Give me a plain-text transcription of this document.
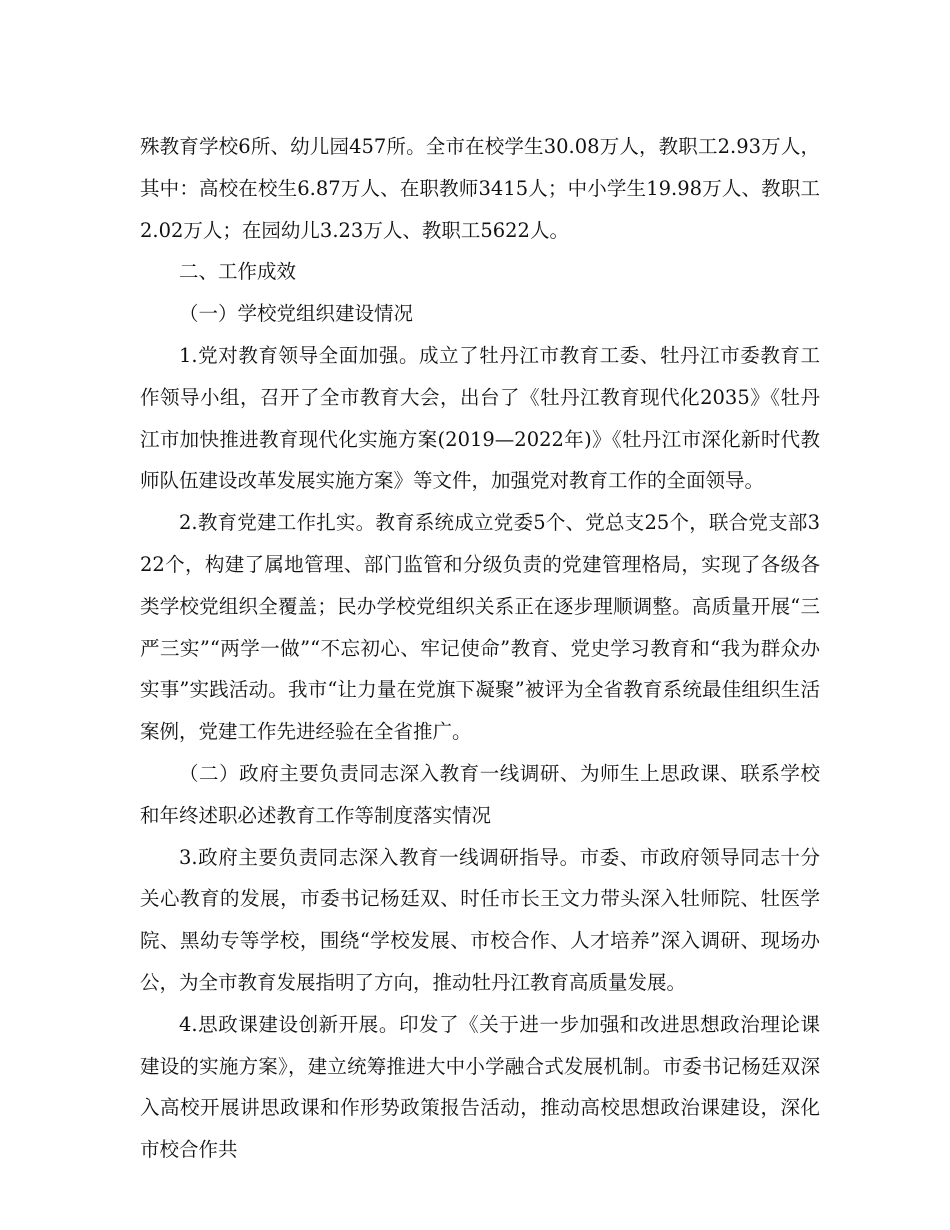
殊教育学校6所、幼儿园457所。全市在校学生30.08万人，教职工2.93万人，其中：高校在校生6.87万人、在职教师3415人；中小学生19.98万人、教职工2.02万人；在园幼儿3.23万人、教职工5622人。

二、工作成效

（一）学校党组织建设情况

1.党对教育领导全面加强。成立了牡丹江市教育工委、牡丹江市委教育工作领导小组，召开了全市教育大会，出台了《牡丹江教育现代化2035》《牡丹江市加快推进教育现代化实施方案(2019—2022年)》《牡丹江市深化新时代教师队伍建设改革发展实施方案》等文件，加强党对教育工作的全面领导。

2.教育党建工作扎实。教育系统成立党委5个、党总支25个，联合党支部322个，构建了属地管理、部门监管和分级负责的党建管理格局，实现了各级各类学校党组织全覆盖；民办学校党组织关系正在逐步理顺调整。高质量开展“三严三实”“两学一做”“不忘初心、牢记使命”教育、党史学习教育和“我为群众办实事”实践活动。我市“让力量在党旗下凝聚”被评为全省教育系统最佳组织生活案例，党建工作先进经验在全省推广。

（二）政府主要负责同志深入教育一线调研、为师生上思政课、联系学校和年终述职必述教育工作等制度落实情况

3.政府主要负责同志深入教育一线调研指导。市委、市政府领导同志十分关心教育的发展，市委书记杨廷双、时任市长王文力带头深入牡师院、牡医学院、黑幼专等学校，围绕“学校发展、市校合作、人才培养”深入调研、现场办公，为全市教育发展指明了方向，推动牡丹江教育高质量发展。

4.思政课建设创新开展。印发了《关于进一步加强和改进思想政治理论课建设的实施方案》，建立统筹推进大中小学融合式发展机制。市委书记杨廷双深入高校开展讲思政课和作形势政策报告活动，推动高校思想政治课建设，深化市校合作共
